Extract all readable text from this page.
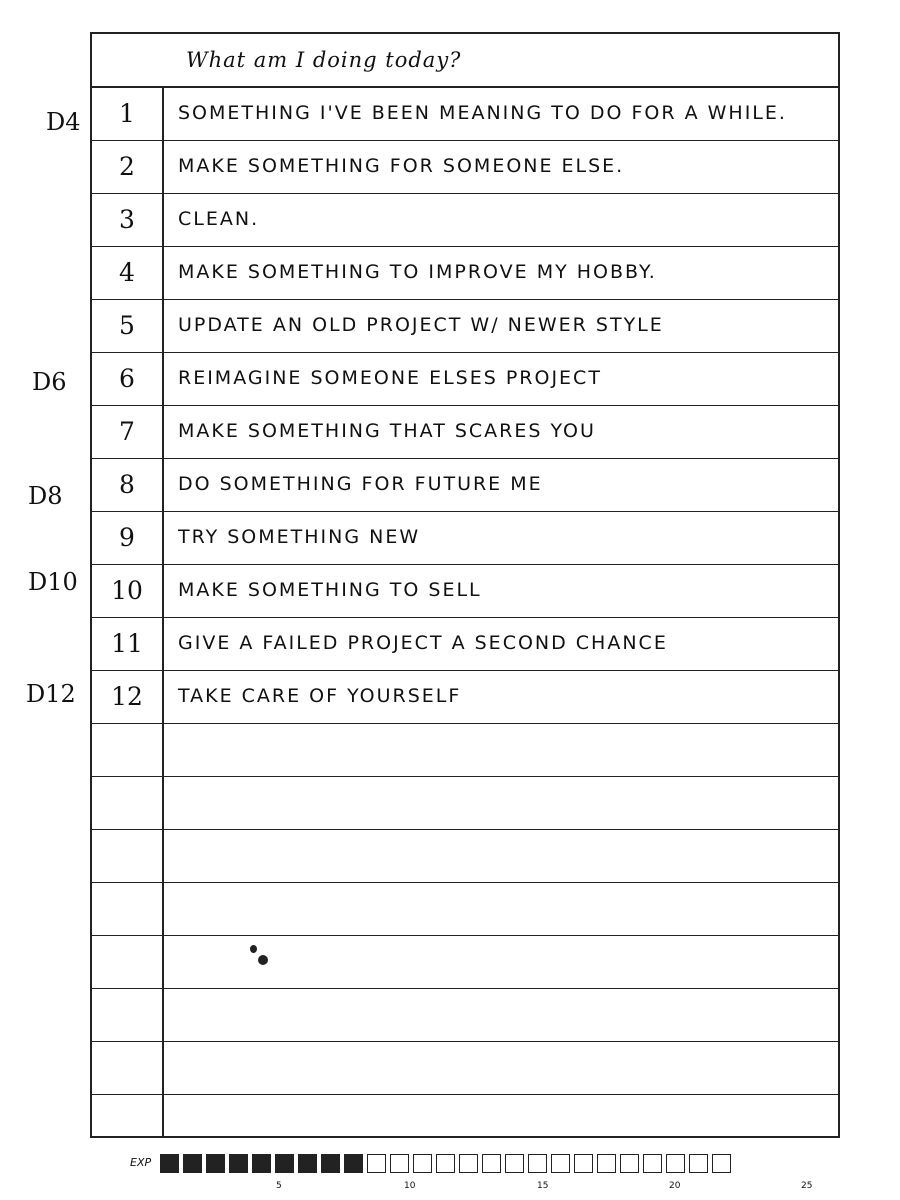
What am I doing today?
1	SOMETHING I'VE BEEN MEANING TO DO FOR A WHILE.
2	MAKE SOMETHING FOR SOMEONE ELSE.
3	CLEAN.
4	MAKE SOMETHING TO IMPROVE MY HOBBY.
5	UPDATE AN OLD PROJECT W/ NEWER STYLE
6	REIMAGINE SOMEONE ELSES PROJECT
7	MAKE SOMETHING THAT SCARES YOU
8	DO SOMETHING FOR FUTURE ME
9	TRY SOMETHING NEW
10	MAKE SOMETHING TO SELL
11	GIVE A FAILED PROJECT A SECOND CHANCE
12	TAKE CARE OF YOURSELF
D4
D6
D8
D10
D12
EXP
5	10	15	20	25
